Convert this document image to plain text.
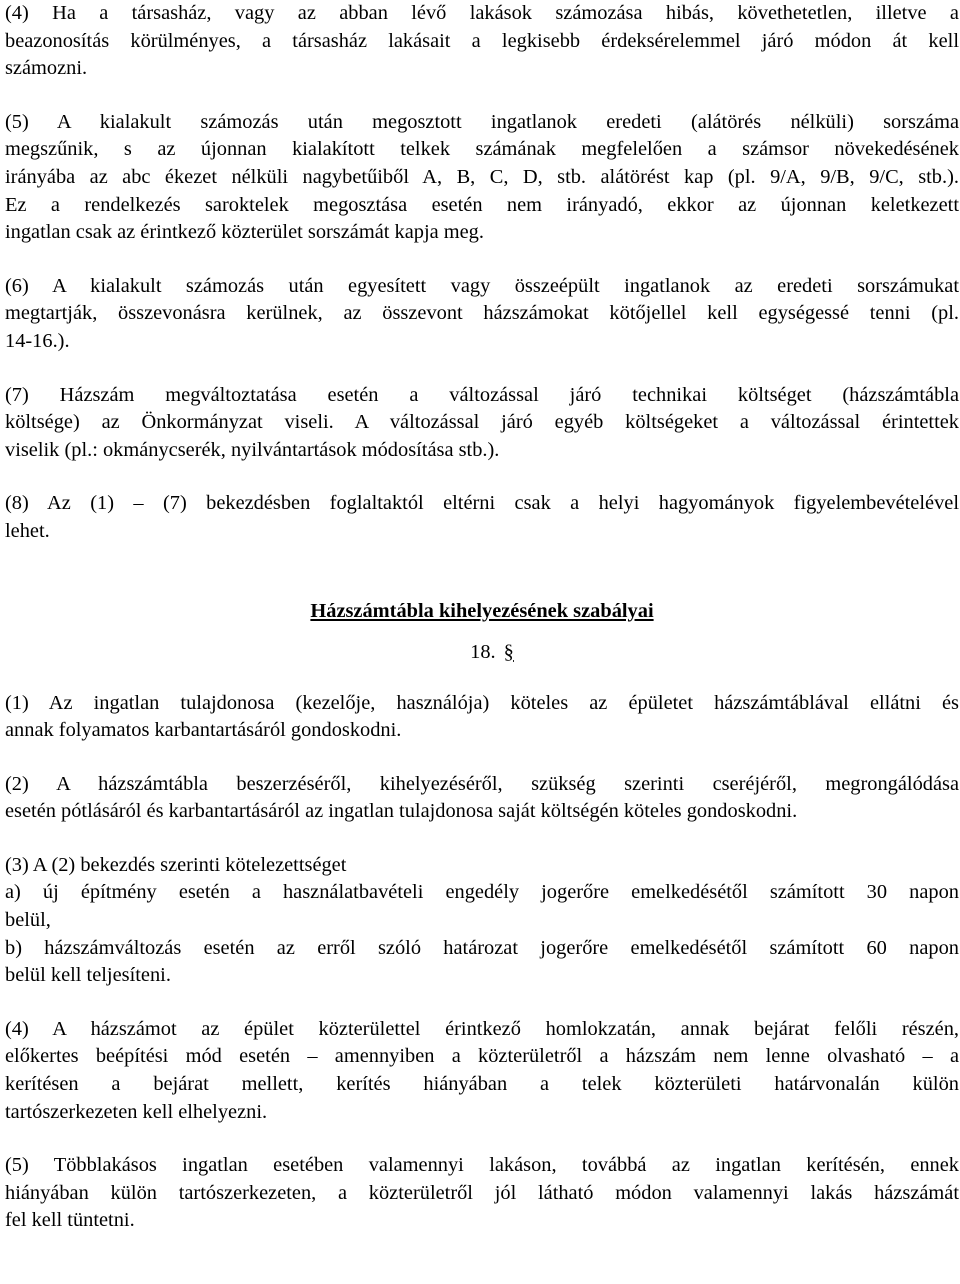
(4) Ha a társasház, vagy az abban lévő lakások számozása hibás, követhetetlen, illetve a
beazonosítás körülményes, a társasház lakásait a legkisebb érdeksérelemmel járó módon át kell
számozni.

(5) A kialakult számozás után megosztott ingatlanok eredeti (alátörés nélküli) sorszáma
megszűnik, s az újonnan kialakított telkek számának megfelelően a számsor növekedésének
irányába az abc ékezet nélküli nagybetűiből A, B, C, D, stb. alátörést kap (pl. 9/A, 9/B, 9/C, stb.).
Ez a rendelkezés saroktelek megosztása esetén nem irányadó, ekkor az újonnan keletkezett
ingatlan csak az érintkező közterület sorszámát kapja meg.

(6) A kialakult számozás után egyesített vagy összeépült ingatlanok az eredeti sorszámukat
megtartják, összevonásra kerülnek, az összevont házszámokat kötőjellel kell egységessé tenni (pl.
14-16.).

(7) Házszám megváltoztatása esetén a változással járó technikai költséget (házszámtábla
költsége) az Önkormányzat viseli. A változással járó egyéb költségeket a változással érintettek
viselik (pl.: okmánycserék, nyilvántartások módosítása stb.).

(8) Az (1) – (7) bekezdésben foglaltaktól eltérni csak a helyi hagyományok figyelembevételével
lehet.

Házszámtábla kihelyezésének szabályai
18. §

(1) Az ingatlan tulajdonosa (kezelője, használója) köteles az épületet házszámtáblával ellátni és
annak folyamatos karbantartásáról gondoskodni.

(2) A házszámtábla beszerzéséről, kihelyezéséről, szükség szerinti cseréjéről, megrongálódása
esetén pótlásáról és karbantartásáról az ingatlan tulajdonosa saját költségén köteles gondoskodni.

(3) A (2) bekezdés szerinti kötelezettséget
a) új építmény esetén a használatbavételi engedély jogerőre emelkedésétől számított 30 napon
belül,
b) házszámváltozás esetén az erről szóló határozat jogerőre emelkedésétől számított 60 napon
belül kell teljesíteni.

(4) A házszámot az épület közterülettel érintkező homlokzatán, annak bejárat felőli részén,
előkertes beépítési mód esetén – amennyiben a közterületről a házszám nem lenne olvasható – a
kerítésen a bejárat mellett, kerítés hiányában a telek közterületi határvonalán külön
tartószerkezeten kell elhelyezni.

(5) Többlakásos ingatlan esetében valamennyi lakáson, továbbá az ingatlan kerítésén, ennek
hiányában külön tartószerkezeten, a közterületről jól látható módon valamennyi lakás házszámát
fel kell tüntetni.
